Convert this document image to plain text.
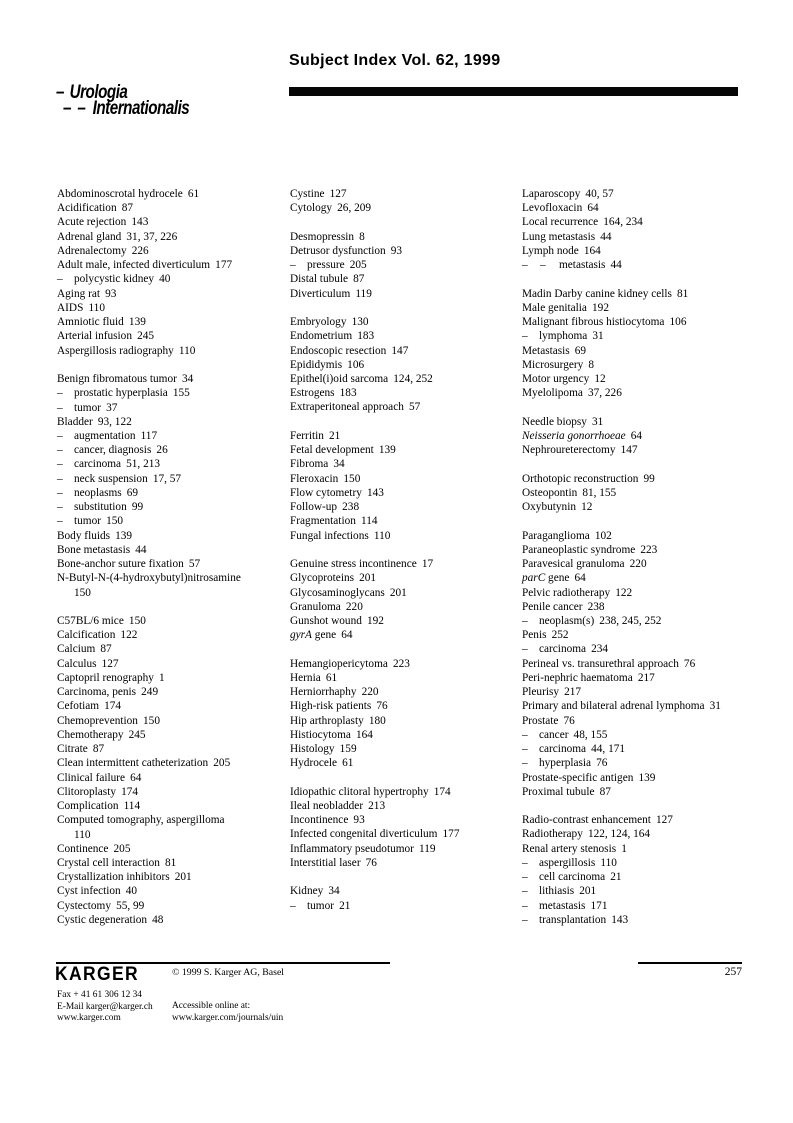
– Urologia
– Internationalis –
Subject Index Vol. 62, 1999
Abdominoscrotal hydrocele 61
Acidification 87
Acute rejection 143
Adrenal gland 31, 37, 226
Adrenalectomy 226
Adult male, infected diverticulum 177
– polycystic kidney 40
Aging rat 93
AIDS 110
Amniotic fluid 139
Arterial infusion 245
Aspergillosis radiography 110
Benign fibromatous tumor 34
– prostatic hyperplasia 155
– tumor 37
Bladder 93, 122
– augmentation 117
– cancer, diagnosis 26
– carcinoma 51, 213
– neck suspension 17, 57
– neoplasms 69
– substitution 99
– tumor 150
Body fluids 139
Bone metastasis 44
Bone-anchor suture fixation 57
N-Butyl-N-(4-hydroxybutyl)nitrosamine
150
C57BL/6 mice 150
Calcification 122
Calcium 87
Calculus 127
Captopril renography 1
Carcinoma, penis 249
Cefotiam 174
Chemoprevention 150
Chemotherapy 245
Citrate 87
Clean intermittent catheterization 205
Clinical failure 64
Clitoroplasty 174
Complication 114
Computed tomography, aspergilloma
110
Continence 205
Crystal cell interaction 81
Crystallization inhibitors 201
Cyst infection 40
Cystectomy 55, 99
Cystic degeneration 48
Cystine 127
Cytology 26, 209
Desmopressin 8
Detrusor dysfunction 93
– pressure 205
Distal tubule 87
Diverticulum 119
Embryology 130
Endometrium 183
Endoscopic resection 147
Epididymis 106
Epithel(i)oid sarcoma 124, 252
Estrogens 183
Extraperitoneal approach 57
Ferritin 21
Fetal development 139
Fibroma 34
Fleroxacin 150
Flow cytometry 143
Follow-up 238
Fragmentation 114
Fungal infections 110
Genuine stress incontinence 17
Glycoproteins 201
Glycosaminoglycans 201
Granuloma 220
Gunshot wound 192
gyrA gene 64
Hemangiopericytoma 223
Hernia 61
Herniorrhaphy 220
High-risk patients 76
Hip arthroplasty 180
Histiocytoma 164
Histology 159
Hydrocele 61
Idiopathic clitoral hypertrophy 174
Ileal neobladder 213
Incontinence 93
Infected congenital diverticulum 177
Inflammatory pseudotumor 119
Interstitial laser 76
Kidney 34
– tumor 21
Laparoscopy 40, 57
Levofloxacin 64
Local recurrence 164, 234
Lung metastasis 44
Lymph node 164
– metastasis 44 –
Madin Darby canine kidney cells 81
Male genitalia 192
Malignant fibrous histiocytoma 106
– lymphoma 31
Metastasis 69
Microsurgery 8
Motor urgency 12
Myelolipoma 37, 226
Needle biopsy 31
Neisseria gonorrhoeae 64
Nephroureterectomy 147
Orthotopic reconstruction 99
Osteopontin 81, 155
Oxybutynin 12
Paraganglioma 102
Paraneoplastic syndrome 223
Paravesical granuloma 220
parC gene 64
Pelvic radiotherapy 122
Penile cancer 238
– neoplasm(s) 238, 245, 252
Penis 252
– carcinoma 234
Perineal vs. transurethral approach 76
Peri-nephric haematoma 217
Pleurisy 217
Primary and bilateral adrenal lymphoma 31
Prostate 76
– cancer 48, 155
– carcinoma 44, 171
– hyperplasia 76
Prostate-specific antigen 139
Proximal tubule 87
Radio-contrast enhancement 127
Radiotherapy 122, 124, 164
Renal artery stenosis 1
– aspergillosis 110
– cell carcinoma 21
– lithiasis 201
– metastasis 171
– transplantation 143
KARGER	© 1999 S. Karger AG, Basel	257
Fax + 41 61 306 12 34
E-Mail karger@karger.ch
www.karger.com
Accessible online at:
www.karger.com/journals/uin
